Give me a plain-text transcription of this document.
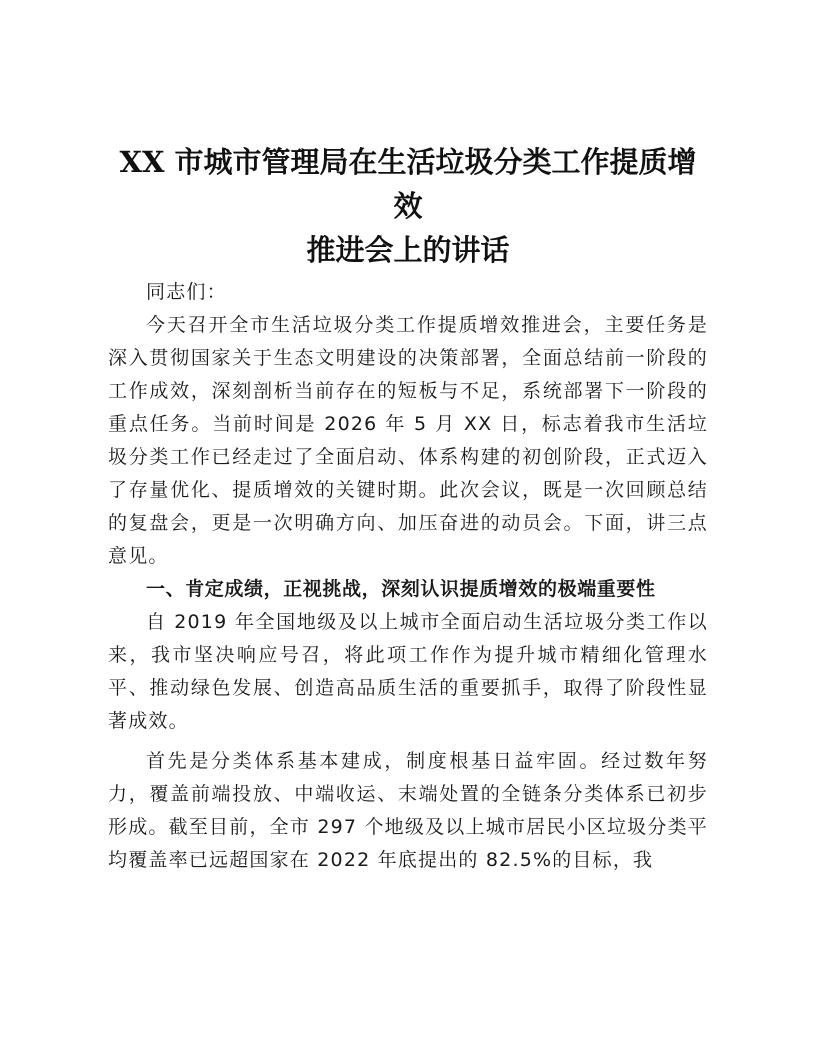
XX 市城市管理局在生活垃圾分类工作提质增效
推进会上的讲话

同志们：

今天召开全市生活垃圾分类工作提质增效推进会，主要任务是深入贯彻国家关于生态文明建设的决策部署，全面总结前一阶段的工作成效，深刻剖析当前存在的短板与不足，系统部署下一阶段的重点任务。当前时间是 2026 年 5 月 XX 日，标志着我市生活垃圾分类工作已经走过了全面启动、体系构建的初创阶段，正式迈入了存量优化、提质增效的关键时期。此次会议，既是一次回顾总结的复盘会，更是一次明确方向、加压奋进的动员会。下面，讲三点意见。

一、肯定成绩，正视挑战，深刻认识提质增效的极端重要性

自 2019 年全国地级及以上城市全面启动生活垃圾分类工作以来，我市坚决响应号召，将此项工作作为提升城市精细化管理水平、推动绿色发展、创造高品质生活的重要抓手，取得了阶段性显著成效。

首先是分类体系基本建成，制度根基日益牢固。经过数年努力，覆盖前端投放、中端收运、末端处置的全链条分类体系已初步形成。截至目前，全市 297 个地级及以上城市居民小区垃圾分类平均覆盖率已远超国家在 2022 年底提出的 82.5%的目标，我
